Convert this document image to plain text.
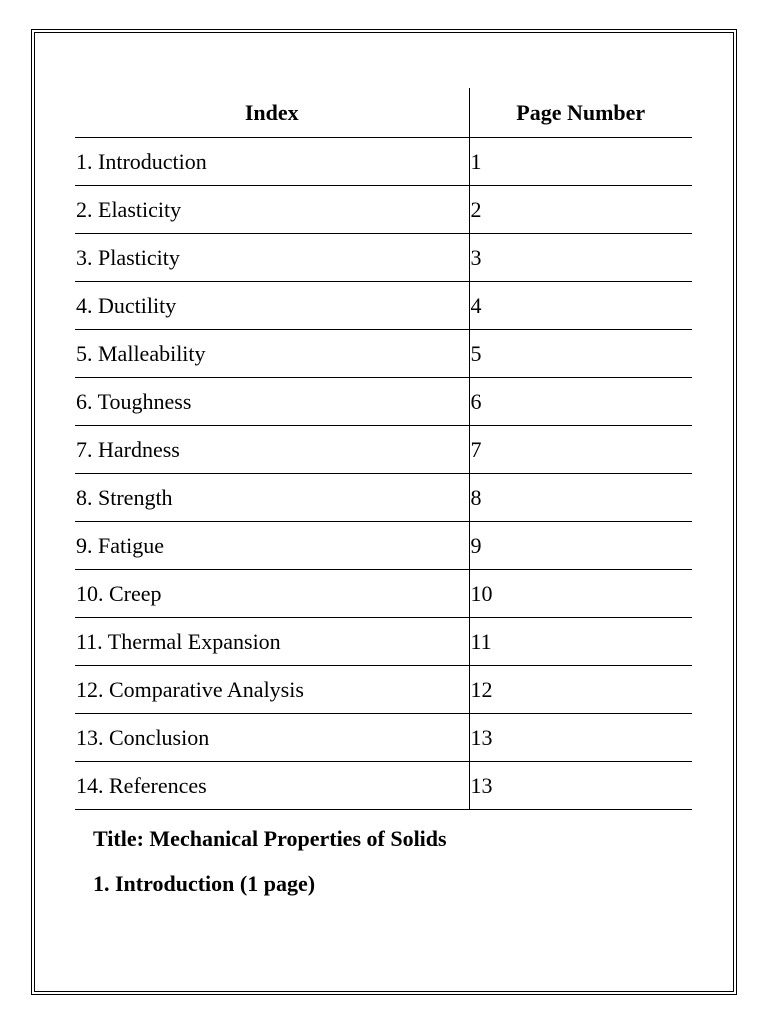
Index	Page Number
1. Introduction	1
2. Elasticity	2
3. Plasticity	3
4. Ductility	4
5. Malleability	5
6. Toughness	6
7. Hardness	7
8. Strength	8
9. Fatigue	9
10. Creep	10
11. Thermal Expansion	11
12. Comparative Analysis	12
13. Conclusion	13
14. References	13

Title: Mechanical Properties of Solids

1. Introduction (1 page)
